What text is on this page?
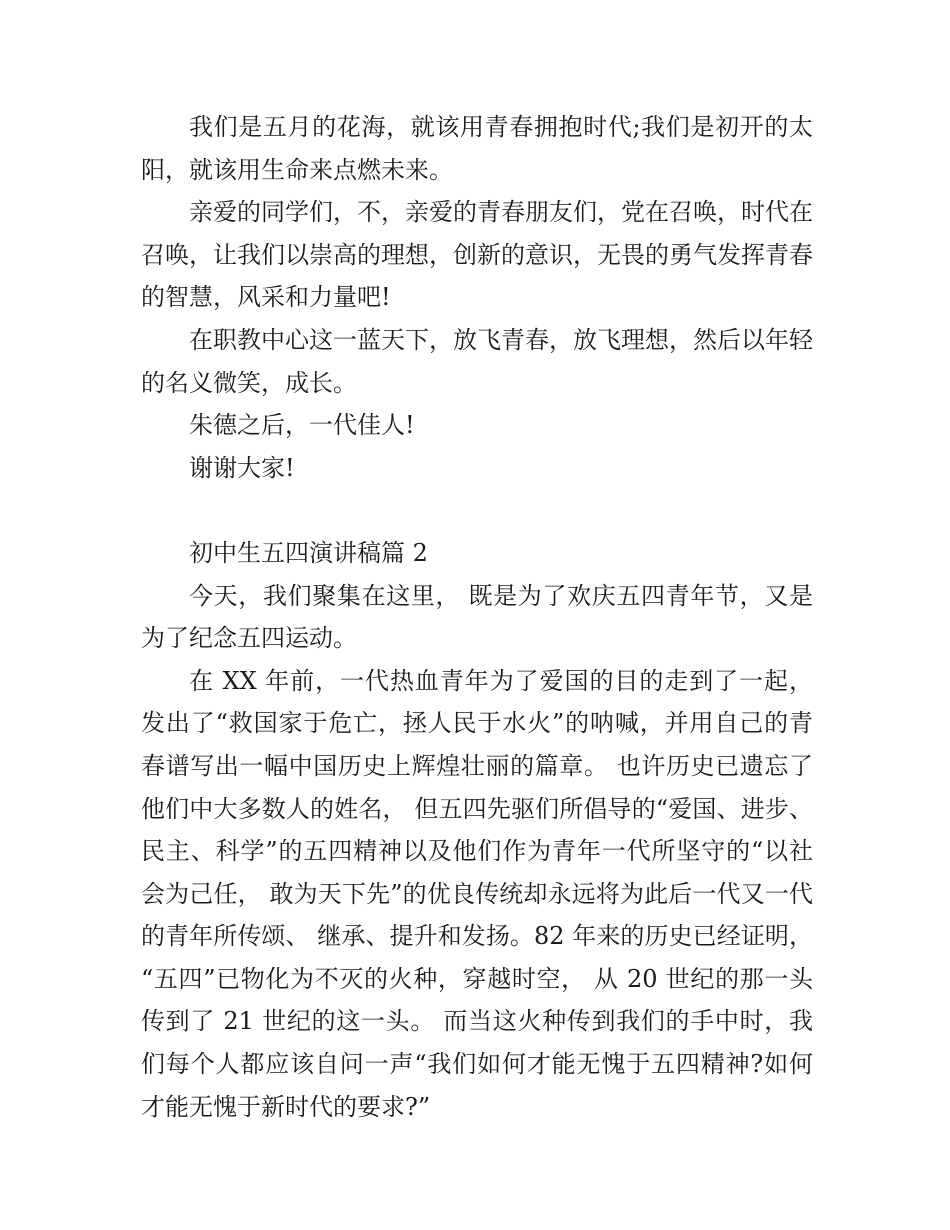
我们是五月的花海，就该用青春拥抱时代;我们是初开的太阳，就该用生命来点燃未来。

亲爱的同学们，不，亲爱的青春朋友们，党在召唤，时代在召唤，让我们以崇高的理想，创新的意识，无畏的勇气发挥青春的智慧，风采和力量吧!

在职教中心这一蓝天下，放飞青春，放飞理想，然后以年轻的名义微笑，成长。

朱德之后，一代佳人!

谢谢大家!

初中生五四演讲稿篇 2

今天，我们聚集在这里， 既是为了欢庆五四青年节，又是为了纪念五四运动。

在 XX 年前，一代热血青年为了爱国的目的走到了一起，发出了“救国家于危亡，拯人民于水火”的呐喊，并用自己的青春谱写出一幅中国历史上辉煌壮丽的篇章。 也许历史已遗忘了他们中大多数人的姓名， 但五四先驱们所倡导的“爱国、进步、民主、科学”的五四精神以及他们作为青年一代所坚守的“以社会为己任， 敢为天下先”的优良传统却永远将为此后一代又一代的青年所传颂、 继承、提升和发扬。82 年来的历史已经证明，“五四”已物化为不灭的火种，穿越时空， 从 20 世纪的那一头传到了 21 世纪的这一头。 而当这火种传到我们的手中时，我们每个人都应该自问一声“我们如何才能无愧于五四精神?如何才能无愧于新时代的要求?”
